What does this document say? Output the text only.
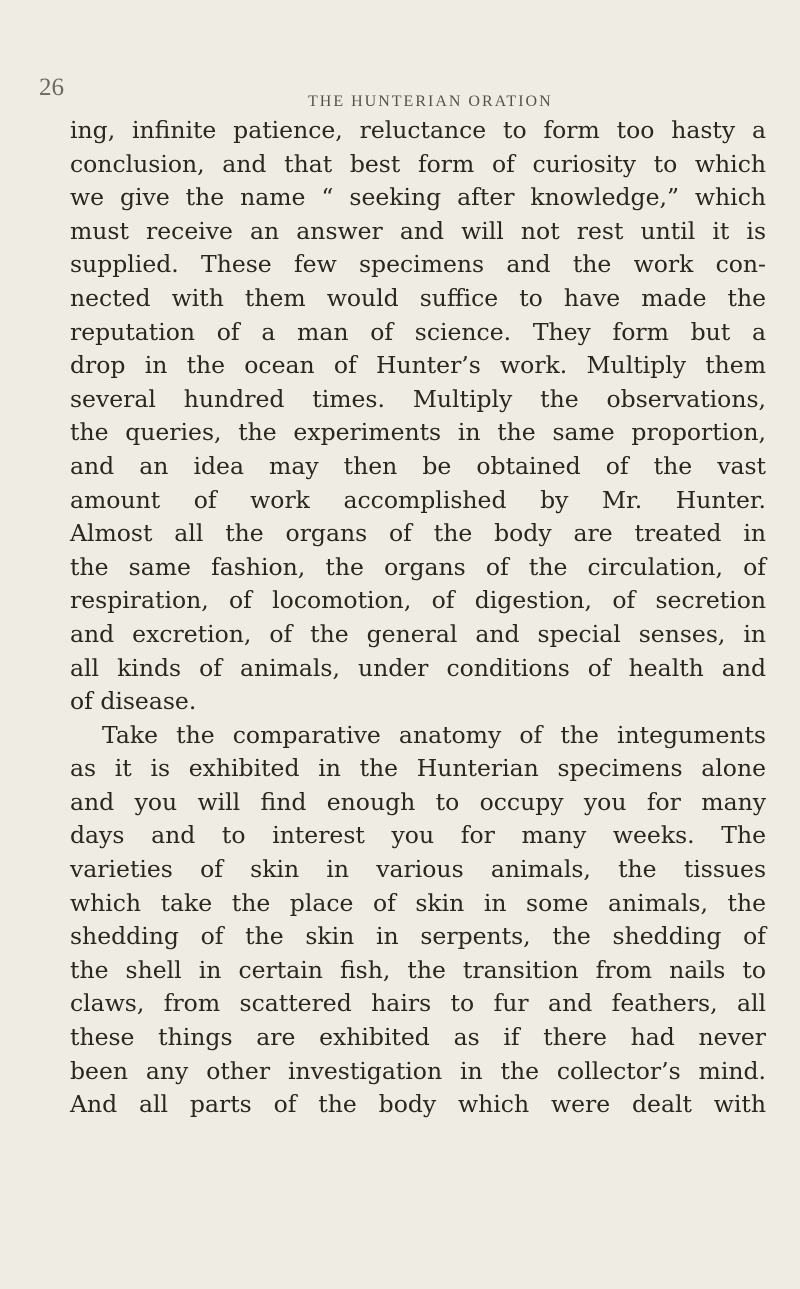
26
THE HUNTERIAN ORATION
ing, infinite patience, reluctance to form too hasty a
conclusion, and that best form of curiosity to which
we give the name “ seeking after knowledge,” which
must receive an answer and will not rest until it is
supplied. These few specimens and the work con-
nected with them would suffice to have made the
reputation of a man of science. They form but a
drop in the ocean of Hunter’s work. Multiply them
several hundred times. Multiply the observations,
the queries, the experiments in the same proportion,
and an idea may then be obtained of the vast
amount of work accomplished by Mr. Hunter.
Almost all the organs of the body are treated in
the same fashion, the organs of the circulation, of
respiration, of locomotion, of digestion, of secretion
and excretion, of the general and special senses, in
all kinds of animals, under conditions of health and
of disease.
Take the comparative anatomy of the integuments
as it is exhibited in the Hunterian specimens alone
and you will find enough to occupy you for many
days and to interest you for many weeks. The
varieties of skin in various animals, the tissues
which take the place of skin in some animals, the
shedding of the skin in serpents, the shedding of
the shell in certain fish, the transition from nails to
claws, from scattered hairs to fur and feathers, all
these things are exhibited as if there had never
been any other investigation in the collector’s mind.
And all parts of the body which were dealt with
